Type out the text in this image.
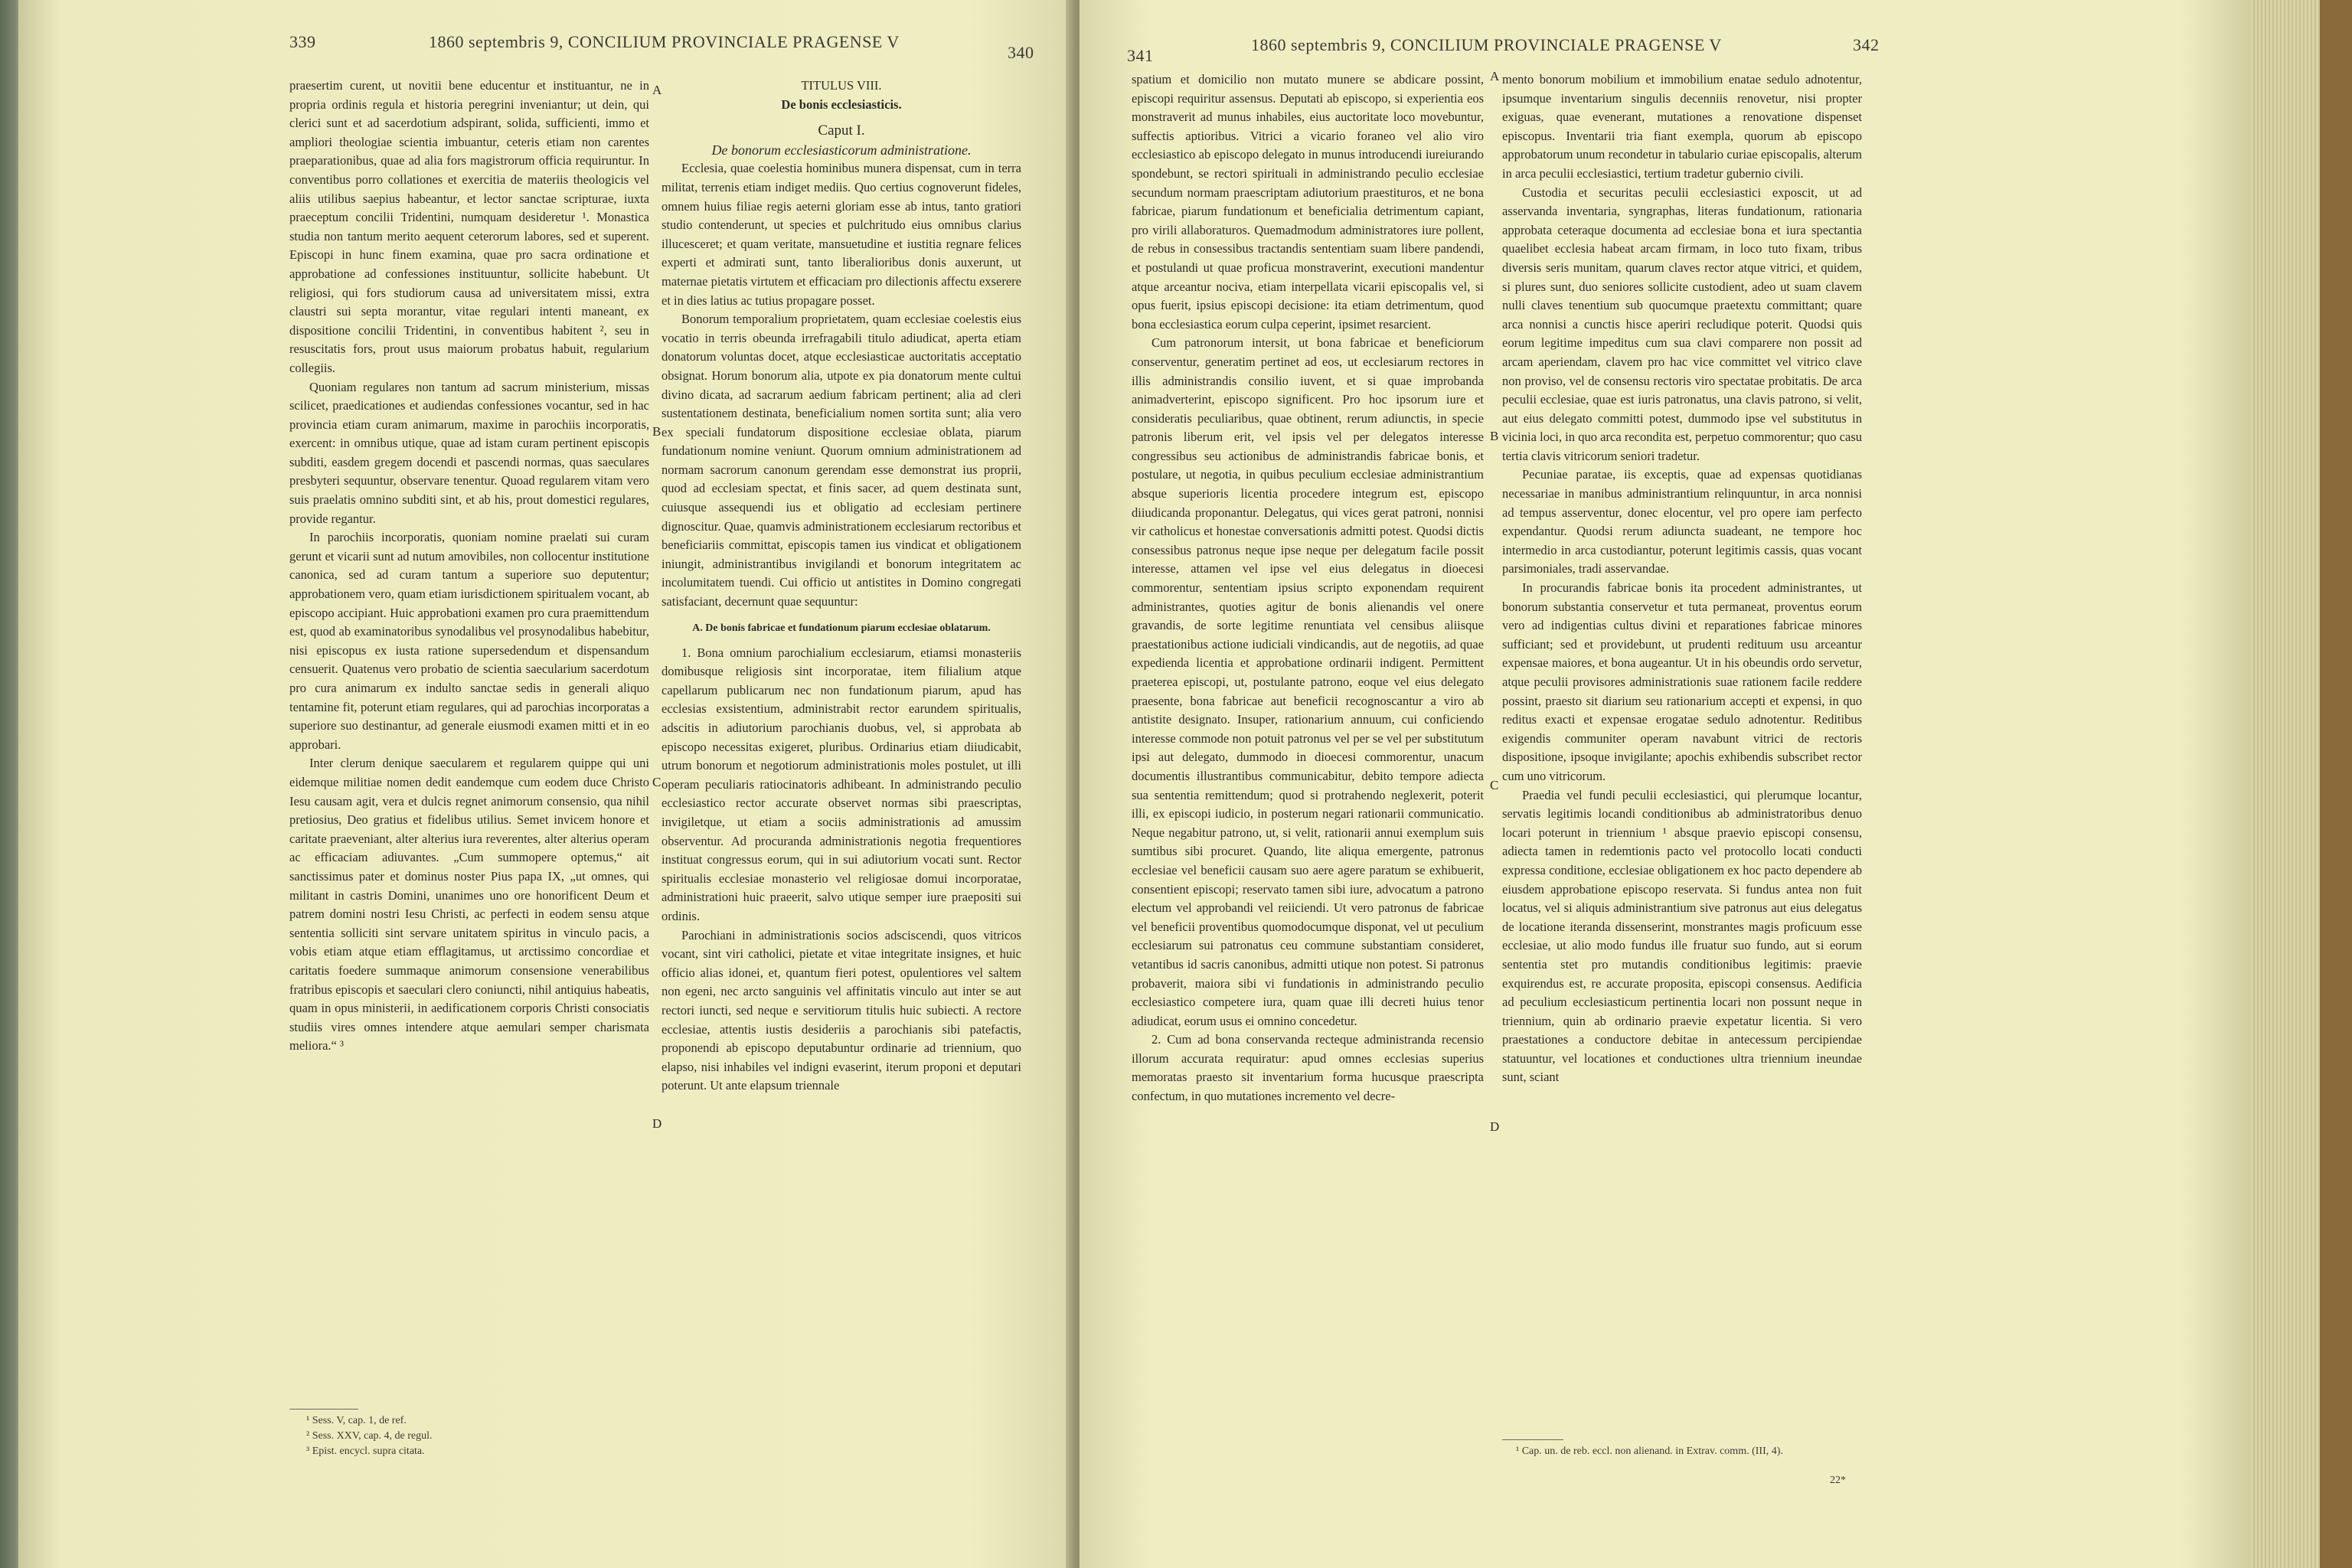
339	1860 septembris 9, CONCILIUM PROVINCIALE PRAGENSE V
340	341
1860 septembris 9, CONCILIUM PROVINCIALE PRAGENSE V	342

praesertim curent, ut novitii bene educentur et instituantur, ne in propria ordinis regula et historia peregrini inveniantur; ut dein, qui clerici sunt et ad sacerdotium adspirant, solida, sufficienti, immo et ampliori theologiae scientia imbuantur, ceteris etiam non carentes praeparationibus, quae ad alia fors magistrorum officia requiruntur. In conventibus porro collationes et exercitia de materiis theologicis vel aliis utilibus saepius habeantur, et lector sanctae scripturae, iuxta praeceptum concilii Tridentini, numquam desideretur ¹. Monastica studia non tantum merito aequent ceterorum labores, sed et superent. Episcopi in hunc finem examina, quae pro sacra ordinatione et approbatione ad confessiones instituuntur, sollicite habebunt. Ut religiosi, qui fors studiorum causa ad universitatem missi, extra claustri sui septa morantur, vitae regulari intenti maneant, ex dispositione concilii Tridentini, in conventibus habitent ², seu in resuscitatis fors, prout usus maiorum probatus habuit, regularium collegiis.

Quoniam regulares non tantum ad sacrum ministerium, missas scilicet, praedicationes et audiendas confessiones vocantur, sed in hac provincia etiam curam animarum, maxime in parochiis incorporatis, exercent: in omnibus utique, quae ad istam curam pertinent episcopis subditi, easdem gregem docendi et pascendi normas, quas saeculares presbyteri sequuntur, observare tenentur. Quoad regularem vitam vero suis praelatis omnino subditi sint, et ab his, prout domestici regulares, provide regantur.

In parochiis incorporatis, quoniam nomine praelati sui curam gerunt et vicarii sunt ad nutum amovibiles, non collocentur institutione canonica, sed ad curam tantum a superiore suo deputentur; approbationem vero, quam etiam iurisdictionem spiritualem vocant, ab episcopo accipiant. Huic approbationi examen pro cura praemittendum est, quod ab examinatoribus synodalibus vel prosynodalibus habebitur, nisi episcopus ex iusta ratione supersedendum et dispensandum censuerit. Quatenus vero probatio de scientia saecularium sacerdotum pro cura animarum ex indulto sanctae sedis in generali aliquo tentamine fit, poterunt etiam regulares, qui ad parochias incorporatas a superiore suo destinantur, ad generale eiusmodi examen mitti et in eo approbari.

Inter clerum denique saecularem et regularem quippe qui uni eidemque militiae nomen dedit eandemque cum eodem duce Christo Iesu causam agit, vera et dulcis regnet animorum consensio, qua nihil pretiosius, Deo gratius et fidelibus utilius. Semet invicem honore et caritate praeveniant, alter alterius iura reverentes, alter alterius operam ac efficaciam adiuvantes. „Cum summopere optemus,“ ait sanctissimus pater et dominus noster Pius papa IX, „ut omnes, qui militant in castris Domini, unanimes uno ore honorificent Deum et patrem domini nostri Iesu Christi, ac perfecti in eodem sensu atque sententia solliciti sint servare unitatem spiritus in vinculo pacis, a vobis etiam atque etiam efflagitamus, ut arctissimo concordiae et caritatis foedere summaque animorum consensione venerabilibus fratribus episcopis et saeculari clero coniuncti, nihil antiquius habeatis, quam in opus ministerii, in aedificationem corporis Christi consociatis studiis vires omnes intendere atque aemulari semper charismata meliora.“ ³

¹ Sess. V, cap. 1, de ref.
² Sess. XXV, cap. 4, de regul.
³ Epist. encycl. supra citata.
A
B
C
D

TITULUS VIII.

De bonis ecclesiasticis.

Caput I.

De bonorum ecclesiasticorum administratione.

Ecclesia, quae coelestia hominibus munera dispensat, cum in terra militat, terrenis etiam indiget mediis. Quo certius cognoverunt fideles, omnem huius filiae regis aeterni gloriam esse ab intus, tanto gratiori studio contenderunt, ut species et pulchritudo eius omnibus clarius illucesceret; et quam veritate, mansuetudine et iustitia regnare felices experti et admirati sunt, tanto liberalioribus donis auxerunt, ut maternae pietatis virtutem et efficaciam pro dilectionis affectu exserere et in dies latius ac tutius propagare posset.

Bonorum temporalium proprietatem, quam ecclesiae coelestis eius vocatio in terris obeunda irrefragabili titulo adiudicat, aperta etiam donatorum voluntas docet, atque ecclesiasticae auctoritatis acceptatio obsignat. Horum bonorum alia, utpote ex pia donatorum mente cultui divino dicata, ad sacrarum aedium fabricam pertinent; alia ad cleri sustentationem destinata, beneficialium nomen sortita sunt; alia vero ex speciali fundatorum dispositione ecclesiae oblata, piarum fundationum nomine veniunt. Quorum omnium administrationem ad normam sacrorum canonum gerendam esse demonstrat ius proprii, quod ad ecclesiam spectat, et finis sacer, ad quem destinata sunt, cuiusque assequendi ius et obligatio ad ecclesiam pertinere dignoscitur. Quae, quamvis administrationem ecclesiarum rectoribus et beneficiariis committat, episcopis tamen ius vindicat et obligationem iniungit, administrantibus invigilandi et bonorum integritatem ac incolumitatem tuendi. Cui officio ut antistites in Domino congregati satisfaciant, decernunt quae sequuntur:

A. De bonis fabricae et fundationum piarum ecclesiae oblatarum.

1. Bona omnium parochialium ecclesiarum, etiamsi monasteriis domibusque religiosis sint incorporatae, item filialium atque capellarum publicarum nec non fundationum piarum, apud has ecclesias exsistentium, administrabit rector earundem spiritualis, adscitis in adiutorium parochianis duobus, vel, si approbata ab episcopo necessitas exigeret, pluribus. Ordinarius etiam diiudicabit, utrum bonorum et negotiorum administrationis moles postulet, ut illi operam peculiaris ratiocinatoris adhibeant. In administrando peculio ecclesiastico rector accurate observet normas sibi praescriptas, invigiletque, ut etiam a sociis administrationis ad amussim observentur. Ad procuranda administrationis negotia frequentiores instituat congressus eorum, qui in sui adiutorium vocati sunt. Rector spiritualis ecclesiae monasterio vel religiosae domui incorporatae, administrationi huic praeerit, salvo utique semper iure praepositi sui ordinis.

Parochiani in administrationis socios adsciscendi, quos vitricos vocant, sint viri catholici, pietate et vitae integritate insignes, et huic officio alias idonei, et, quantum fieri potest, opulentiores vel saltem non egeni, nec arcto sanguinis vel affinitatis vinculo aut inter se aut rectori iuncti, sed neque e servitiorum titulis huic subiecti. A rectore ecclesiae, attentis iustis desideriis a parochianis sibi patefactis, proponendi ab episcopo deputabuntur ordinarie ad triennium, quo elapso, nisi inhabiles vel indigni evaserint, iterum proponi et deputari poterunt. Ut ante elapsum triennale

spatium et domicilio non mutato munere se abdicare possint, episcopi requiritur assensus. Deputati ab episcopo, si experientia eos monstraverit ad munus inhabiles, eius auctoritate loco movebuntur, suffectis aptioribus. Vitrici a vicario foraneo vel alio viro ecclesiastico ab episcopo delegato in munus introducendi iureiurando spondebunt, se rectori spirituali in administrando peculio ecclesiae secundum normam praescriptam adiutorium praestituros, et ne bona fabricae, piarum fundationum et beneficialia detrimentum capiant, pro virili allaboraturos. Quemadmodum administratores iure pollent, de rebus in consessibus tractandis sententiam suam libere pandendi, et postulandi ut quae proficua monstraverint, executioni mandentur atque arceantur nociva, etiam interpellata vicarii episcopalis vel, si opus fuerit, ipsius episcopi decisione: ita etiam detrimentum, quod bona ecclesiastica eorum culpa ceperint, ipsimet resarcient.

Cum patronorum intersit, ut bona fabricae et beneficiorum conserventur, generatim pertinet ad eos, ut ecclesiarum rectores in illis administrandis consilio iuvent, et si quae improbanda animadverterint, episcopo significent. Pro hoc ipsorum iure et consideratis peculiaribus, quae obtinent, rerum adiunctis, in specie patronis liberum erit, vel ipsis vel per delegatos interesse congressibus seu actionibus de administrandis fabricae bonis, et postulare, ut negotia, in quibus peculium ecclesiae administrantium absque superioris licentia procedere integrum est, episcopo diiudicanda proponantur. Delegatus, qui vices gerat patroni, nonnisi vir catholicus et honestae conversationis admitti potest. Quodsi dictis consessibus patronus neque ipse neque per delegatum facile possit interesse, attamen vel ipse vel eius delegatus in dioecesi commorentur, sententiam ipsius scripto exponendam requirent administrantes, quoties agitur de bonis alienandis vel onere gravandis, de sorte legitime renuntiata vel censibus aliisque praestationibus actione iudiciali vindicandis, aut de negotiis, ad quae expedienda licentia et approbatione ordinarii indigent. Permittent praeterea episcopi, ut, postulante patrono, eoque vel eius delegato praesente, bona fabricae aut beneficii recognoscantur a viro ab antistite designato. Insuper, rationarium annuum, cui conficiendo interesse commode non potuit patronus vel per se vel per substitutum ipsi aut delegato, dummodo in dioecesi commorentur, unacum documentis illustrantibus communicabitur, debito tempore adiecta sua sententia remittendum; quod si protrahendo neglexerit, poterit illi, ex episcopi iudicio, in posterum negari rationarii communicatio. Neque negabitur patrono, ut, si velit, rationarii annui exemplum suis sumtibus sibi procuret. Quando, lite aliqua emergente, patronus ecclesiae vel beneficii causam suo aere agere paratum se exhibuerit, consentient episcopi; reservato tamen sibi iure, advocatum a patrono electum vel approbandi vel reiiciendi. Ut vero patronus de fabricae vel beneficii proventibus quomodocumque disponat, vel ut peculium ecclesiarum sui patronatus ceu commune substantiam consideret, vetantibus id sacris canonibus, admitti utique non potest. Si patronus probaverit, maiora sibi vi fundationis in administrando peculio ecclesiastico competere iura, quam quae illi decreti huius tenor adiudicat, eorum usus ei omnino concedetur.

2. Cum ad bona conservanda recteque administranda recensio illorum accurata requiratur: apud omnes ecclesias superius memoratas praesto sit inventarium forma hucusque praescripta confectum, in quo mutationes incremento vel decre-

A
B
C
D

mento bonorum mobilium et immobilium enatae sedulo adnotentur, ipsumque inventarium singulis decenniis renovetur, nisi propter exiguas, quae evenerant, mutationes a renovatione dispenset episcopus. Inventarii tria fiant exempla, quorum ab episcopo approbatorum unum recondetur in tabulario curiae episcopalis, alterum in arca peculii ecclesiastici, tertium tradetur gubernio civili.

Custodia et securitas peculii ecclesiastici exposcit, ut ad asservanda inventaria, syngraphas, literas fundationum, rationaria approbata ceteraque documenta ad ecclesiae bona et iura spectantia quaelibet ecclesia habeat arcam firmam, in loco tuto fixam, tribus diversis seris munitam, quarum claves rector atque vitrici, et quidem, si plures sunt, duo seniores sollicite custodient, adeo ut suam clavem nulli claves tenentium sub quocumque praetextu committant; quare arca nonnisi a cunctis hisce aperiri recludique poterit. Quodsi quis eorum legitime impeditus cum sua clavi comparere non possit ad arcam aperiendam, clavem pro hac vice committet vel vitrico clave non proviso, vel de consensu rectoris viro spectatae probitatis. De arca peculii ecclesiae, quae est iuris patronatus, una clavis patrono, si velit, aut eius delegato committi potest, dummodo ipse vel substitutus in vicinia loci, in quo arca recondita est, perpetuo commorentur; quo casu tertia clavis vitricorum seniori tradetur.

Pecuniae paratae, iis exceptis, quae ad expensas quotidianas necessariae in manibus administrantium relinquuntur, in arca nonnisi ad tempus asserventur, donec elocentur, vel pro opere iam perfecto expendantur. Quodsi rerum adiuncta suadeant, ne tempore hoc intermedio in arca custodiantur, poterunt legitimis cassis, quas vocant parsimoniales, tradi asservandae.

In procurandis fabricae bonis ita procedent administrantes, ut bonorum substantia conservetur et tuta permaneat, proventus eorum vero ad indigentias cultus divini et reparationes fabricae minores sufficiant; sed et providebunt, ut prudenti redituum usu arceantur expensae maiores, et bona augeantur. Ut in his obeundis ordo servetur, atque peculii provisores administrationis suae rationem facile reddere possint, praesto sit diarium seu rationarium accepti et expensi, in quo reditus exacti et expensae erogatae sedulo adnotentur. Reditibus exigendis communiter operam navabunt vitrici de rectoris dispositione, ipsoque invigilante; apochis exhibendis subscribet rector cum uno vitricorum.

Praedia vel fundi peculii ecclesiastici, qui plerumque locantur, servatis legitimis locandi conditionibus ab administratoribus denuo locari poterunt in triennium ¹ absque praevio episcopi consensu, adiecta tamen in redemtionis pacto vel protocollo locati conducti expressa conditione, ecclesiae obligationem ex hoc pacto dependere ab eiusdem approbatione episcopo reservata. Si fundus antea non fuit locatus, vel si aliquis administrantium sive patronus aut eius delegatus de locatione iteranda dissenserint, monstrantes magis proficuum esse ecclesiae, ut alio modo fundus ille fruatur suo fundo, aut si eorum sententia stet pro mutandis conditionibus legitimis: praevie exquirendus est, re accurate proposita, episcopi consensus. Aedificia ad peculium ecclesiasticum pertinentia locari non possunt neque in triennium, quin ab ordinario praevie expetatur licentia. Si vero praestationes a conductore debitae in antecessum percipiendae statuuntur, vel locationes et conductiones ultra triennium ineundae sunt, sciant

¹ Cap. un. de reb. eccl. non alienand. in Extrav. comm. (III, 4).
22*
